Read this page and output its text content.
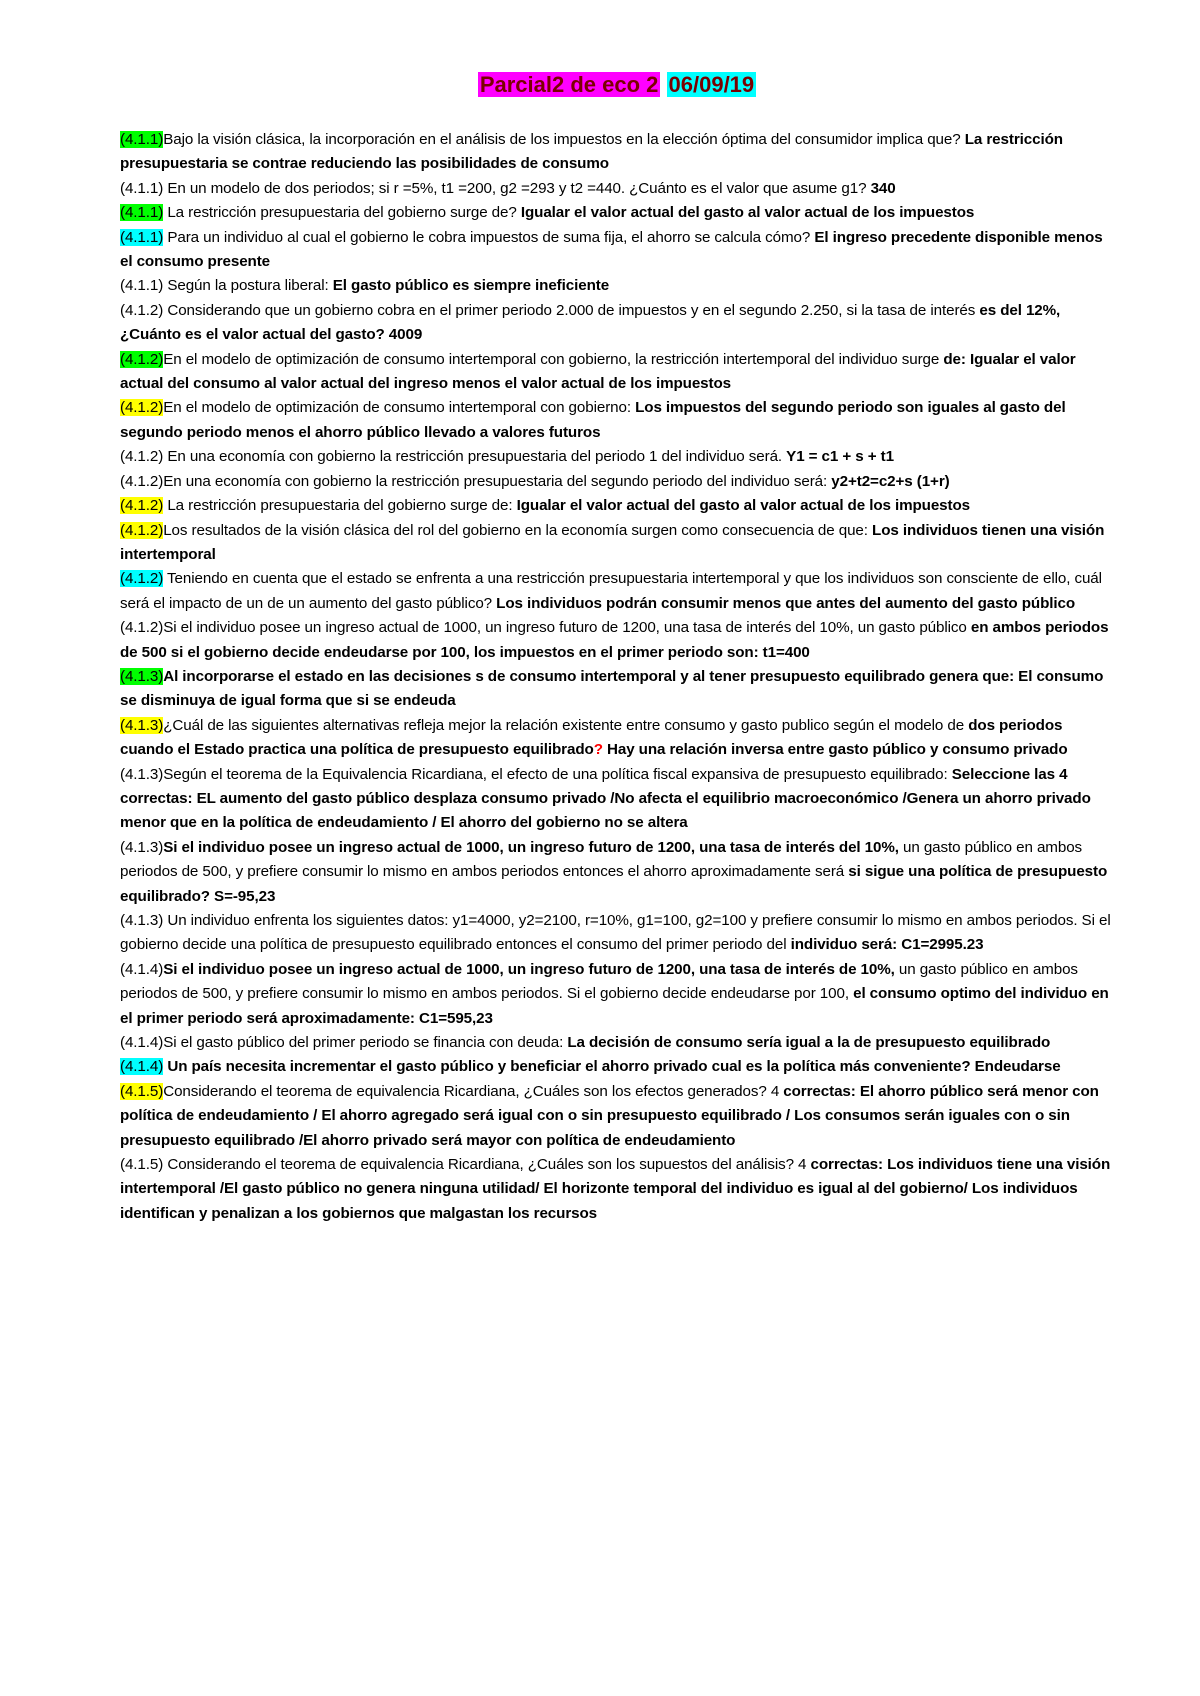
Parcial2 de eco 2 06/09/19

(4.1.1)Bajo la visión clásica, la incorporación en el análisis de los impuestos en la elección óptima del consumidor implica que? La restricción presupuestaria se contrae reduciendo las posibilidades de consumo

(4.1.1) En un modelo de dos periodos; si r =5%, t1 =200, g2 =293 y t2 =440. ¿Cuánto es el valor que asume g1? 340

(4.1.1) La restricción presupuestaria del gobierno surge de? Igualar el valor actual del gasto al valor actual de los impuestos

(4.1.1) Para un individuo al cual el gobierno le cobra impuestos de suma fija, el ahorro se calcula cómo? El ingreso precedente disponible menos el consumo presente

(4.1.1) Según la postura liberal: El gasto público es siempre ineficiente

(4.1.2) Considerando que un gobierno cobra en el primer periodo 2.000 de impuestos y en el segundo 2.250, si la tasa de interés es del 12%, ¿Cuánto es el valor actual del gasto? 4009

(4.1.2)En el modelo de optimización de consumo intertemporal con gobierno, la restricción intertemporal del individuo surge de: Igualar el valor actual del consumo al valor actual del ingreso menos el valor actual de los impuestos

(4.1.2)En el modelo de optimización de consumo intertemporal con gobierno: Los impuestos del segundo periodo son iguales al gasto del segundo periodo menos el ahorro público llevado a valores futuros

(4.1.2) En una economía con gobierno la restricción presupuestaria del periodo 1 del individuo será. Y1 = c1 + s + t1

(4.1.2)En una economía con gobierno la restricción presupuestaria del segundo periodo del individuo será: y2+t2=c2+s (1+r)

(4.1.2) La restricción presupuestaria del gobierno surge de: Igualar el valor actual del gasto al valor actual de los impuestos

(4.1.2)Los resultados de la visión clásica del rol del gobierno en la economía surgen como consecuencia de que: Los individuos tienen una visión intertemporal

(4.1.2) Teniendo en cuenta que el estado se enfrenta a una restricción presupuestaria intertemporal y que los individuos son consciente de ello, cuál será el impacto de un de un aumento del gasto público? Los individuos podrán consumir menos que antes del aumento del gasto público

(4.1.2)Si el individuo posee un ingreso actual de 1000, un ingreso futuro de 1200, una tasa de interés del 10%, un gasto público en ambos periodos de 500 si el gobierno decide endeudarse por 100, los impuestos en el primer periodo son: t1=400

(4.1.3)Al incorporarse el estado en las decisiones s de consumo intertemporal y al tener presupuesto equilibrado genera que: El consumo se disminuya de igual forma que si se endeuda

(4.1.3)¿Cuál de las siguientes alternativas refleja mejor la relación existente entre consumo y gasto publico según el modelo de dos periodos cuando el Estado practica una política de presupuesto equilibrado? Hay una relación inversa entre gasto público y consumo privado

(4.1.3)Según el teorema de la Equivalencia Ricardiana, el efecto de una política fiscal expansiva de presupuesto equilibrado: Seleccione las 4 correctas: EL aumento del gasto público desplaza consumo privado /No afecta el equilibrio macroeconómico /Genera un ahorro privado menor que en la política de endeudamiento / El ahorro del gobierno no se altera

(4.1.3)Si el individuo posee un ingreso actual de 1000, un ingreso futuro de 1200, una tasa de interés del 10%, un gasto público en ambos periodos de 500, y prefiere consumir lo mismo en ambos periodos entonces el ahorro aproximadamente será si sigue una política de presupuesto equilibrado? S=-95,23

(4.1.3) Un individuo enfrenta los siguientes datos: y1=4000, y2=2100, r=10%, g1=100, g2=100 y prefiere consumir lo mismo en ambos periodos. Si el gobierno decide una política de presupuesto equilibrado entonces el consumo del primer periodo del individuo será: C1=2995.23

(4.1.4)Si el individuo posee un ingreso actual de 1000, un ingreso futuro de 1200, una tasa de interés de 10%, un gasto público en ambos periodos de 500, y prefiere consumir lo mismo en ambos periodos. Si el gobierno decide endeudarse por 100, el consumo optimo del individuo en el primer periodo será aproximadamente: C1=595,23

(4.1.4)Si el gasto público del primer periodo se financia con deuda: La decisión de consumo sería igual a la de presupuesto equilibrado

(4.1.4) Un país necesita incrementar el gasto público y beneficiar el ahorro privado cual es la política más conveniente? Endeudarse

(4.1.5)Considerando el teorema de equivalencia Ricardiana, ¿Cuáles son los efectos generados? 4 correctas: El ahorro público será menor con política de endeudamiento / El ahorro agregado será igual con o sin presupuesto equilibrado / Los consumos serán iguales con o sin presupuesto equilibrado /El ahorro privado será mayor con política de endeudamiento

(4.1.5) Considerando el teorema de equivalencia Ricardiana, ¿Cuáles son los supuestos del análisis? 4 correctas: Los individuos tiene una visión intertemporal /El gasto público no genera ninguna utilidad/ El horizonte temporal del individuo es igual al del gobierno/ Los individuos identifican y penalizan a los gobiernos que malgastan los recursos
